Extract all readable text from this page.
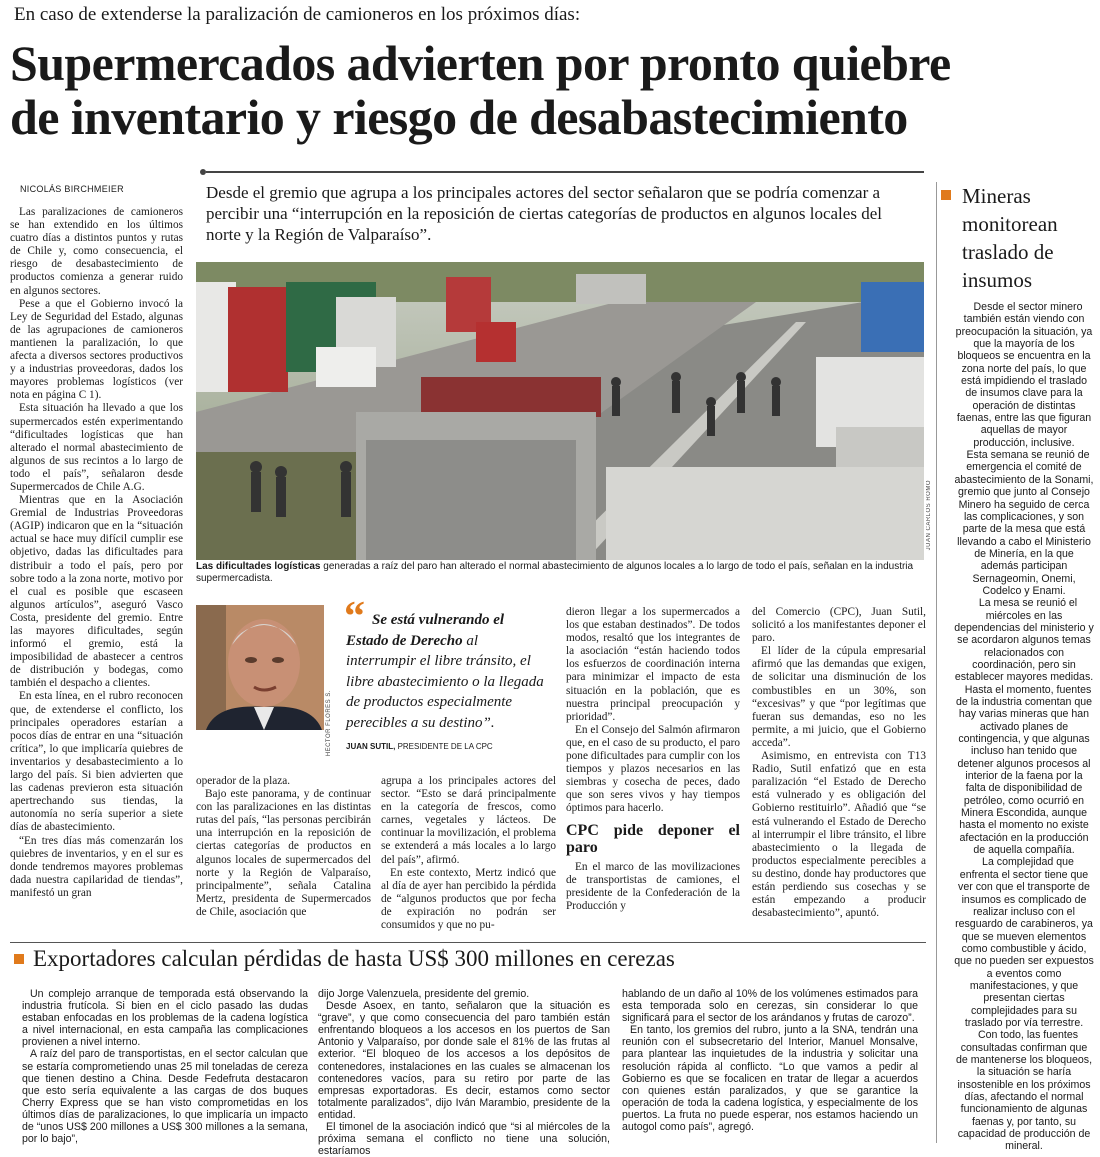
En caso de extenderse la paralización de camioneros en los próximos días:
Supermercados advierten por pronto quiebre
de inventario y riesgo de desabastecimiento
NICOLÁS BIRCHMEIER	Desde el gremio que agrupa a los principales actores del sector señalaron que se podría comenzar a percibir una “interrupción en la reposición de ciertas categorías de productos en algunos locales del norte y la Región de Valparaíso”.

Las paralizaciones de camioneros se han extendido en los últimos cuatro días a distintos puntos y rutas de Chile y, como consecuencia, el riesgo de desabastecimiento de productos comienza a generar ruido en algunos sectores.

Pese a que el Gobierno invocó la Ley de Seguridad del Estado, algunas de las agrupaciones de camioneros mantienen la paralización, lo que afecta a diversos sectores productivos y a industrias proveedoras, dados los mayores problemas logísticos (ver nota en página C 1).

Esta situación ha llevado a que los supermercados estén experimentando “dificultades logísticas que han alterado el normal abastecimiento de algunos de sus recintos a lo largo de todo el país”, señalaron desde Supermercados de Chile A.G.

Mientras que en la Asociación Gremial de Industrias Proveedoras (AGIP) indicaron que en la “situación actual se hace muy difícil cumplir ese objetivo, dadas las dificultades para distribuir a todo el país, pero por sobre todo a la zona norte, motivo por el cual es posible que escaseen algunos artículos”, aseguró Vasco Costa, presidente del gremio. Entre las mayores dificultades, según informó el gremio, está la imposibilidad de abastecer a centros de distribución y bodegas, como también el despacho a clientes.

En esta línea, en el rubro reconocen que, de extenderse el conflicto, los principales operadores estarían a pocos días de entrar en una “situación crítica”, lo que implicaría quiebres de inventarios y desabastecimiento a lo largo del país. Si bien advierten que las cadenas previeron esta situación apertrechando sus tiendas, la autonomía no sería superior a siete días de abastecimiento.

“En tres días más comenzarán los quiebres de inventarios, y en el sur es donde tendremos mayores problemas dada nuestra capilaridad de tiendas”, manifestó un gran

JUAN CARLOS ROMO
Las dificultades logísticas generadas a raíz del paro han alterado el normal abastecimiento de algunos locales a lo largo de todo el país, señalan en la industria supermercadista.
HÉCTOR FLORES S.
“ Se está vulnerando el Estado de Derecho al interrumpir el libre tránsito, el libre abastecimiento o la llegada de productos especialmente perecibles a su destino”.
JUAN SUTIL, PRESIDENTE DE LA CPC

operador de la plaza.

Bajo este panorama, y de continuar con las paralizaciones en las distintas rutas del país, “las personas percibirán una interrupción en la reposición de ciertas categorías de productos en algunos locales de supermercados del norte y la Región de Valparaíso, principalmente”, señala Catalina Mertz, presidenta de Supermercados de Chile, asociación que

agrupa a los principales actores del sector. “Esto se dará principalmente en la categoría de frescos, como carnes, vegetales y lácteos. De continuar la movilización, el problema se extenderá a más locales a lo largo del país”, afirmó.

En este contexto, Mertz indicó que al día de ayer han percibido la pérdida de “algunos productos que por fecha de expiración no podrán ser consumidos y que no pu-

dieron llegar a los supermercados a los que estaban destinados”. De todos modos, resaltó que los integrantes de la asociación “están haciendo todos los esfuerzos de coordinación interna para minimizar el impacto de esta situación en la población, que es nuestra principal preocupación y prioridad”.

En el Consejo del Salmón afirmaron que, en el caso de su producto, el paro pone dificultades para cumplir con los tiempos y plazos necesarios en las siembras y cosecha de peces, dado que son seres vivos y hay tiempos óptimos para hacerlo.

CPC pide deponer el paro

En el marco de las movilizaciones de transportistas de camiones, el presidente de la Confederación de la Producción y

del Comercio (CPC), Juan Sutil, solicitó a los manifestantes deponer el paro.

El líder de la cúpula empresarial afirmó que las demandas que exigen, de solicitar una disminución de los combustibles en un 30%, son “excesivas” y que “por legítimas que fueran sus demandas, eso no les permite, a mi juicio, que el Gobierno acceda”.

Asimismo, en entrevista con T13 Radio, Sutil enfatizó que en esta paralización “el Estado de Derecho está vulnerado y es obligación del Gobierno restituirlo”. Añadió que “se está vulnerando el Estado de Derecho al interrumpir el libre tránsito, el libre abastecimiento o la llegada de productos especialmente perecibles a su destino, donde hay productores que están perdiendo sus cosechas y se están empezando a producir desabastecimiento”, apuntó.

Mineras monitorean traslado de insumos

Desde el sector minero también están viendo con preocupación la situación, ya que la mayoría de los bloqueos se encuentra en la zona norte del país, lo que está impidiendo el traslado de insumos clave para la operación de distintas faenas, entre las que figuran aquellas de mayor producción, inclusive.

Esta semana se reunió de emergencia el comité de abastecimiento de la Sonami, gremio que junto al Consejo Minero ha seguido de cerca las complicaciones, y son parte de la mesa que está llevando a cabo el Ministerio de Minería, en la que además participan Sernageomin, Onemi, Codelco y Enami.

La mesa se reunió el miércoles en las dependencias del ministerio y se acordaron algunos temas relacionados con coordinación, pero sin establecer mayores medidas.

Hasta el momento, fuentes de la industria comentan que hay varias mineras que han activado planes de contingencia, y que algunas incluso han tenido que detener algunos procesos al interior de la faena por la falta de disponibilidad de petróleo, como ocurrió en Minera Escondida, aunque hasta el momento no existe afectación en la producción de aquella compañía.

La complejidad que enfrenta el sector tiene que ver con que el transporte de insumos es complicado de realizar incluso con el resguardo de carabineros, ya que se mueven elementos como combustible y ácido, que no pueden ser expuestos a eventos como manifestaciones, y que presentan ciertas complejidades para su traslado por vía terrestre.

Con todo, las fuentes consultadas confirman que de mantenerse los bloqueos, la situación se haría insostenible en los próximos días, afectando el normal funcionamiento de algunas faenas y, por tanto, su capacidad de producción de mineral.

Exportadores calculan pérdidas de hasta US$ 300 millones en cerezas

Un complejo arranque de temporada está observando la industria frutícola. Si bien en el ciclo pasado las dudas estaban enfocadas en los problemas de la cadena logística a nivel internacional, en esta campaña las complicaciones provienen a nivel interno.

A raíz del paro de transportistas, en el sector calculan que se estaría comprometiendo unas 25 mil toneladas de cereza que tienen destino a China. Desde Fedefruta destacaron que esto sería equivalente a las cargas de dos buques Cherry Express que se han visto comprometidas en los últimos días de paralizaciones, lo que implicaría un impacto de “unos US$ 200 millones a US$ 300 millones a la semana, por lo bajo”,

dijo Jorge Valenzuela, presidente del gremio.

Desde Asoex, en tanto, señalaron que la situación es “grave”, y que como consecuencia del paro también están enfrentando bloqueos a los accesos en los puertos de San Antonio y Valparaíso, por donde sale el 81% de las frutas al exterior. “El bloqueo de los accesos a los depósitos de contenedores, instalaciones en las cuales se almacenan los contenedores vacíos, para su retiro por parte de las empresas exportadoras. Es decir, estamos como sector totalmente paralizados”, dijo Iván Marambio, presidente de la entidad.

El timonel de la asociación indicó que “si al miércoles de la próxima semana el conflicto no tiene una solución, estaríamos

hablando de un daño al 10% de los volúmenes estimados para esta temporada solo en cerezas, sin considerar lo que significará para el sector de los arándanos y frutas de carozo”.

En tanto, los gremios del rubro, junto a la SNA, tendrán una reunión con el subsecretario del Interior, Manuel Monsalve, para plantear las inquietudes de la industria y solicitar una resolución rápida al conflicto. “Lo que vamos a pedir al Gobierno es que se focalicen en tratar de llegar a acuerdos con quienes están paralizados, y que se garantice la operación de toda la cadena logística, y especialmente de los puertos. La fruta no puede esperar, nos estamos haciendo un autogol como país”, agregó.
